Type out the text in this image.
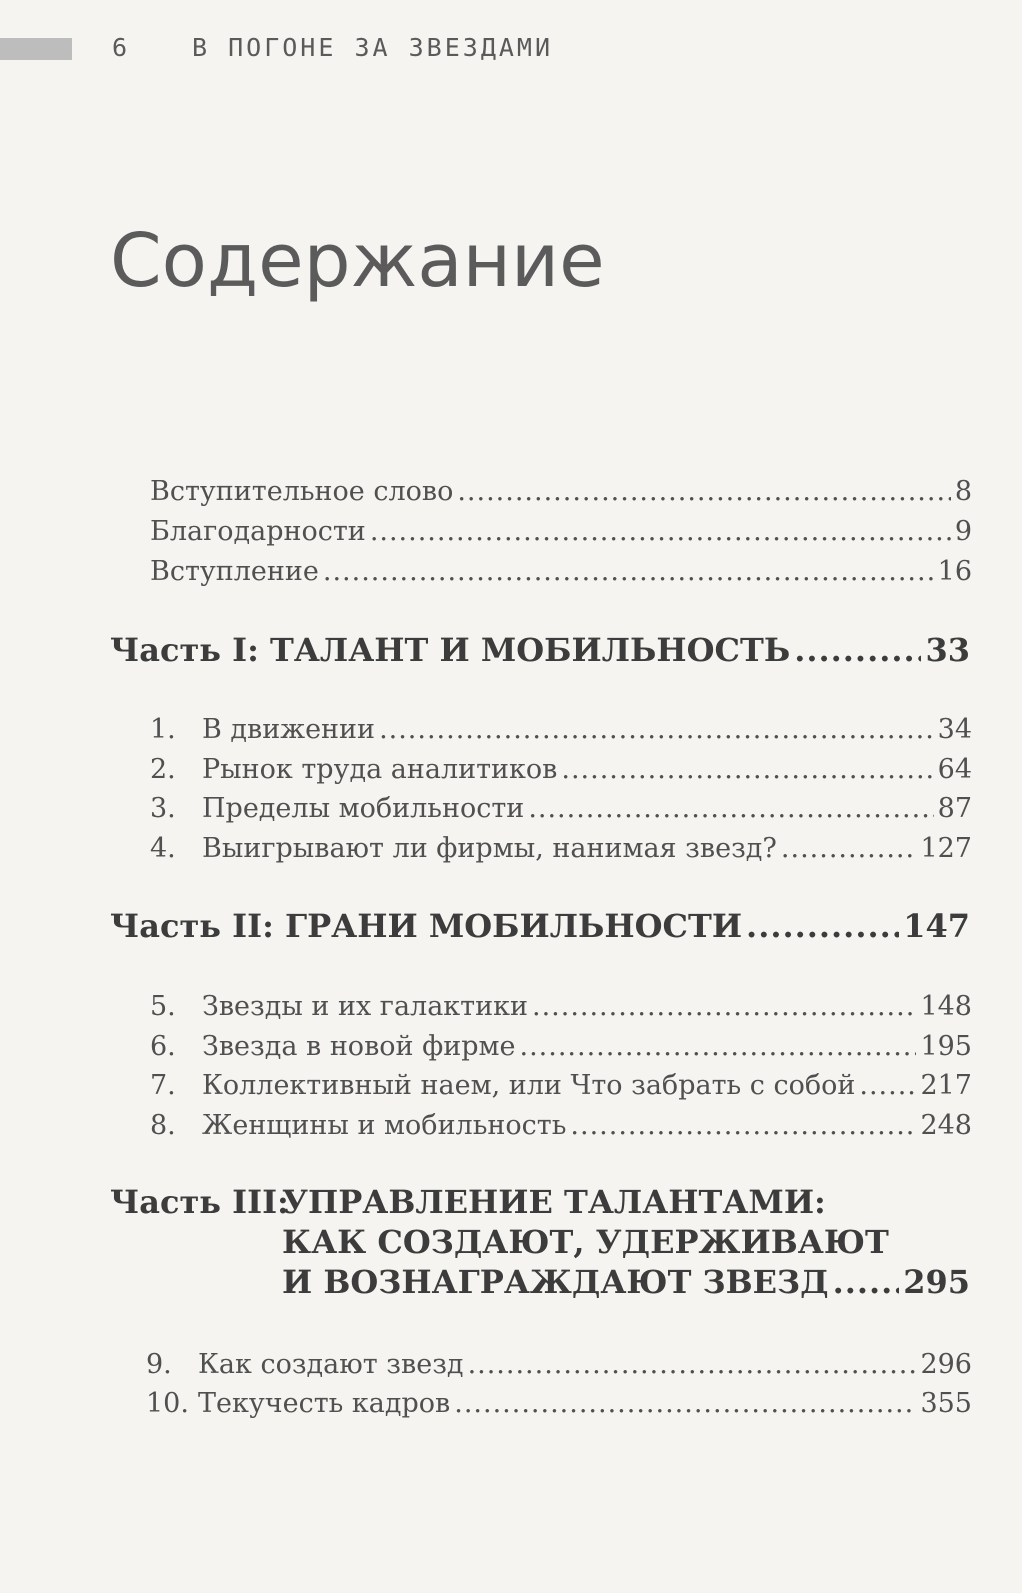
6	В ПОГОНЕ ЗА ЗВЕЗДАМИ
Содержание
Вступительное слово .....	8
Благодарности .....	9
Вступление .....	16
Часть I: ТАЛАНТ И МОБИЛЬНОСТЬ .....	33
1. В движении .....	34
2. Рынок труда аналитиков .....	64
3. Пределы мобильности .....	87
4. Выигрывают ли фирмы, нанимая звезд? .....	127
Часть II: ГРАНИ МОБИЛЬНОСТИ .....	147
5. Звезды и их галактики .....	148
6. Звезда в новой фирме .....	195
7. Коллективный наем, или Что забрать с собой ..... 217
8. Женщины и мобильность .....	248
Часть III:
УПРАВЛЕНИЕ ТАЛАНТАМИ:
КАК СОЗДАЮТ, УДЕРЖИВАЮТ
И ВОЗНАГРАЖДАЮТ ЗВЕЗД ..... 295
9. Как создают звезд .....	296
10. Текучесть кадров .....	355
